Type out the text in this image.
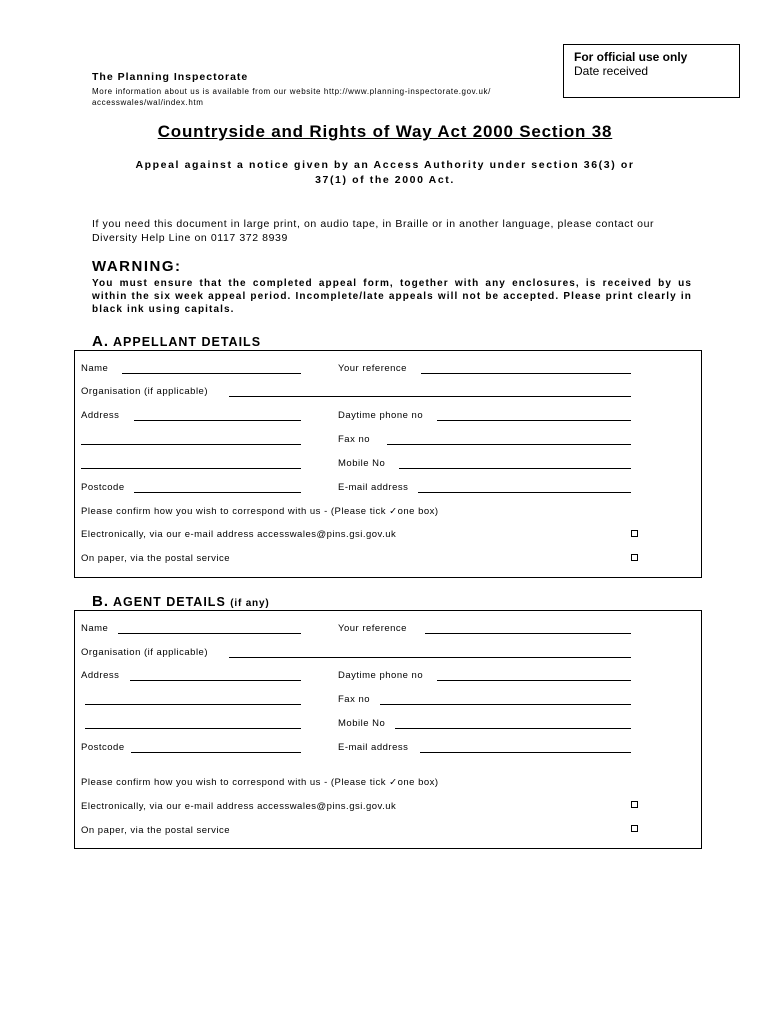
For official use only
Date received
The Planning Inspectorate
More information about us is available from our website http://www.planning-inspectorate.gov.uk/
accesswales/wal/index.htm
Countryside and Rights of Way Act 2000 Section 38
Appeal against a notice given by an Access Authority under section 36(3) or
37(1) of the 2000 Act.
If you need this document in large print, on audio tape, in Braille or in another language, please contact our Diversity Help Line on 0117 372 8939
WARNING:
You must ensure that the completed appeal form, together with any enclosures, is received by us within the six week appeal period. Incomplete/late appeals will not be accepted. Please print clearly in black ink using capitals.
A. APPELLANT DETAILS
Name	Your reference
Organisation (if applicable)
Address	Daytime phone no
Fax no
Mobile No
Postcode	E-mail address
Please confirm how you wish to correspond with us - (Please tick ✓one box)
Electronically, via our e-mail address accesswales@pins.gsi.gov.uk
On paper, via the postal service
B. AGENT DETAILS (if any)
Name	Your reference
Organisation (if applicable)
Address	Daytime phone no
Fax no
Mobile No
Postcode	E-mail address
Please confirm how you wish to correspond with us - (Please tick ✓one box)
Electronically, via our e-mail address accesswales@pins.gsi.gov.uk
On paper, via the postal service
